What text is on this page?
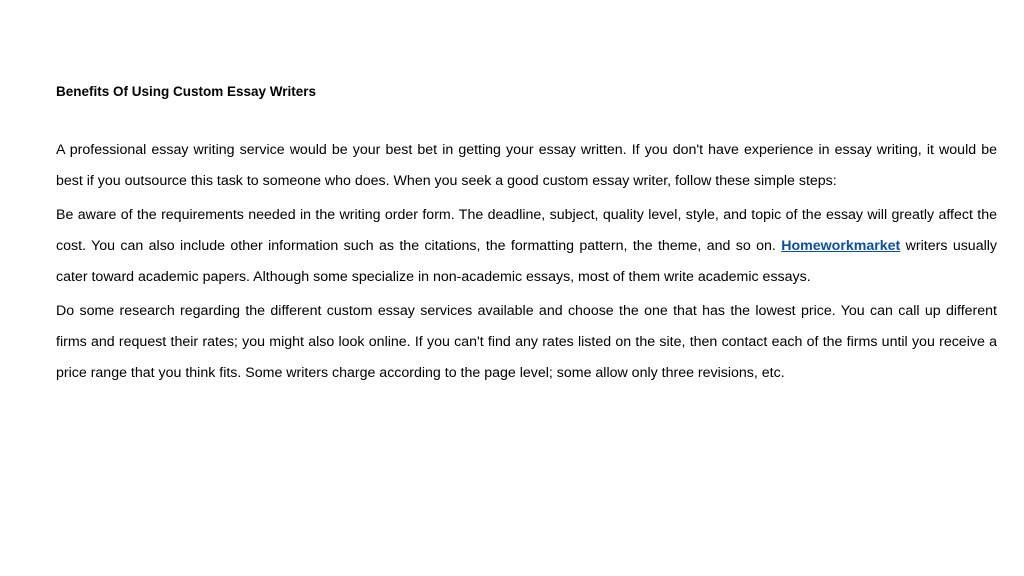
Benefits Of Using Custom Essay Writers

A professional essay writing service would be your best bet in getting your essay written. If you don't have experience in essay writing, it would be best if you outsource this task to someone who does. When you seek a good custom essay writer, follow these simple steps:

Be aware of the requirements needed in the writing order form. The deadline, subject, quality level, style, and topic of the essay will greatly affect the cost. You can also include other information such as the citations, the formatting pattern, the theme, and so on. Homeworkmarket writers usually cater toward academic papers. Although some specialize in non-academic essays, most of them write academic essays.

Do some research regarding the different custom essay services available and choose the one that has the lowest price. You can call up different firms and request their rates; you might also look online. If you can't find any rates listed on the site, then contact each of the firms until you receive a price range that you think fits. Some writers charge according to the page level; some allow only three revisions, etc.
